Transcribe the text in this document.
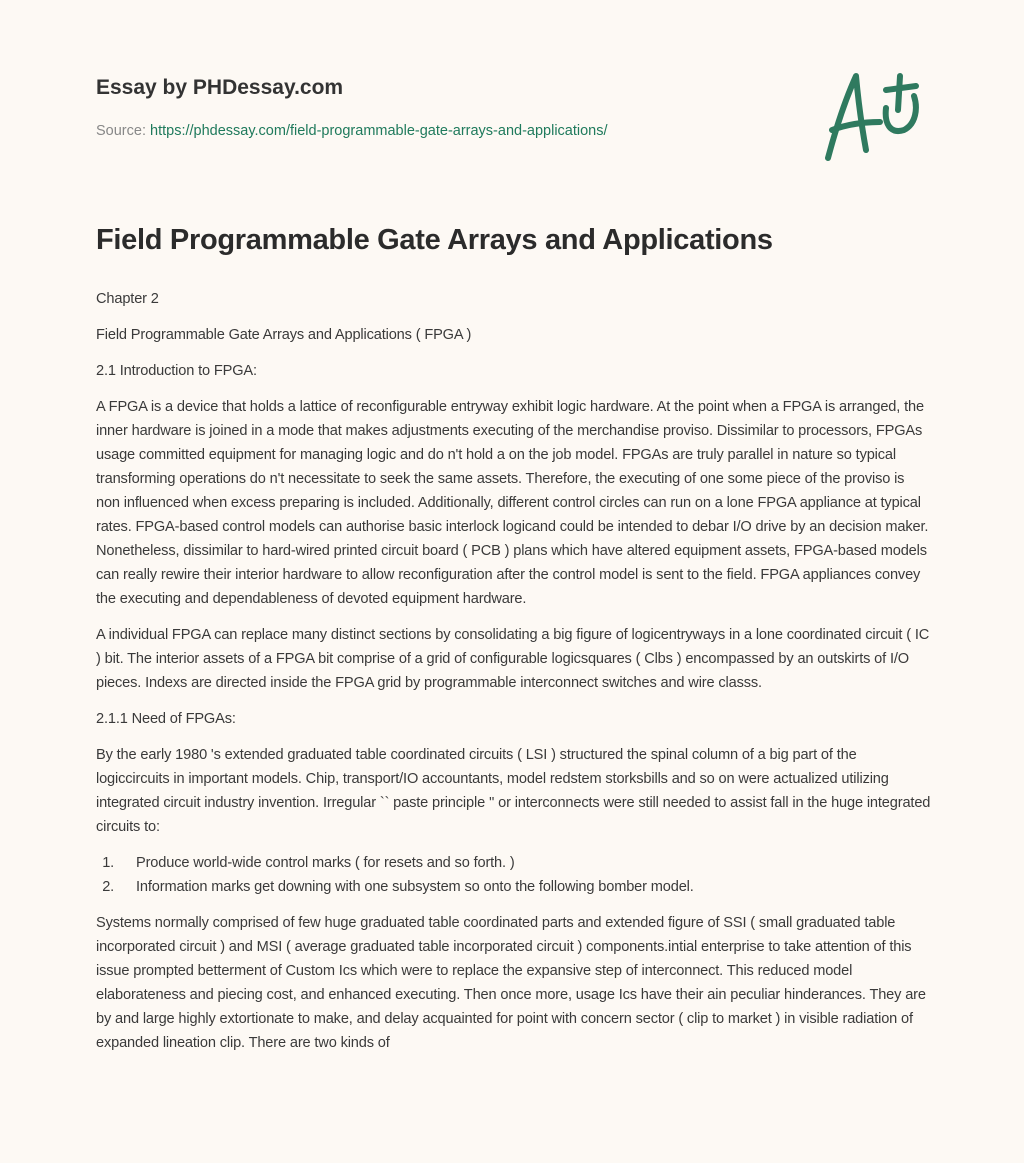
Essay by PHDessay.com
Source: https://phdessay.com/field-programmable-gate-arrays-and-applications/
Field Programmable Gate Arrays and Applications

Chapter 2

Field Programmable Gate Arrays and Applications ( FPGA )

2.1 Introduction to FPGA:

A FPGA is a device that holds a lattice of reconfigurable entryway exhibit logic hardware. At the point when a FPGA is arranged, the inner hardware is joined in a mode that makes adjustments executing of the merchandise proviso. Dissimilar to processors, FPGAs usage committed equipment for managing logic and do n't hold a on the job model. FPGAs are truly parallel in nature so typical transforming operations do n't necessitate to seek the same assets. Therefore, the executing of one some piece of the proviso is non influenced when excess preparing is included. Additionally, different control circles can run on a lone FPGA appliance at typical rates. FPGA-based control models can authorise basic interlock logicand could be intended to debar I/O drive by an decision maker. Nonetheless, dissimilar to hard-wired printed circuit board ( PCB ) plans which have altered equipment assets, FPGA-based models can really rewire their interior hardware to allow reconfiguration after the control model is sent to the field. FPGA appliances convey the executing and dependableness of devoted equipment hardware.

A individual FPGA can replace many distinct sections by consolidating a big figure of logicentryways in a lone coordinated circuit ( IC ) bit. The interior assets of a FPGA bit comprise of a grid of configurable logicsquares ( Clbs ) encompassed by an outskirts of I/O pieces. Indexs are directed inside the FPGA grid by programmable interconnect switches and wire classs.

2.1.1 Need of FPGAs:

By the early 1980 's extended graduated table coordinated circuits ( LSI ) structured the spinal column of a big part of the logiccircuits in important models. Chip, transport/IO accountants, model redstem storksbills and so on were actualized utilizing integrated circuit industry invention. Irregular `` paste principle '' or interconnects were still needed to assist fall in the huge integrated circuits to:

1. Produce world-wide control marks ( for resets and so forth. )
2. Information marks get downing with one subsystem so onto the following bomber model.

Systems normally comprised of few huge graduated table coordinated parts and extended figure of SSI ( small graduated table incorporated circuit ) and MSI ( average graduated table incorporated circuit ) components.intial enterprise to take attention of this issue prompted betterment of Custom Ics which were to replace the expansive step of interconnect. This reduced model elaborateness and piecing cost, and enhanced executing. Then once more, usage Ics have their ain peculiar hinderances. They are by and large highly extortionate to make, and delay acquainted for point with concern sector ( clip to market ) in visible radiation of expanded lineation clip. There are two kinds of
